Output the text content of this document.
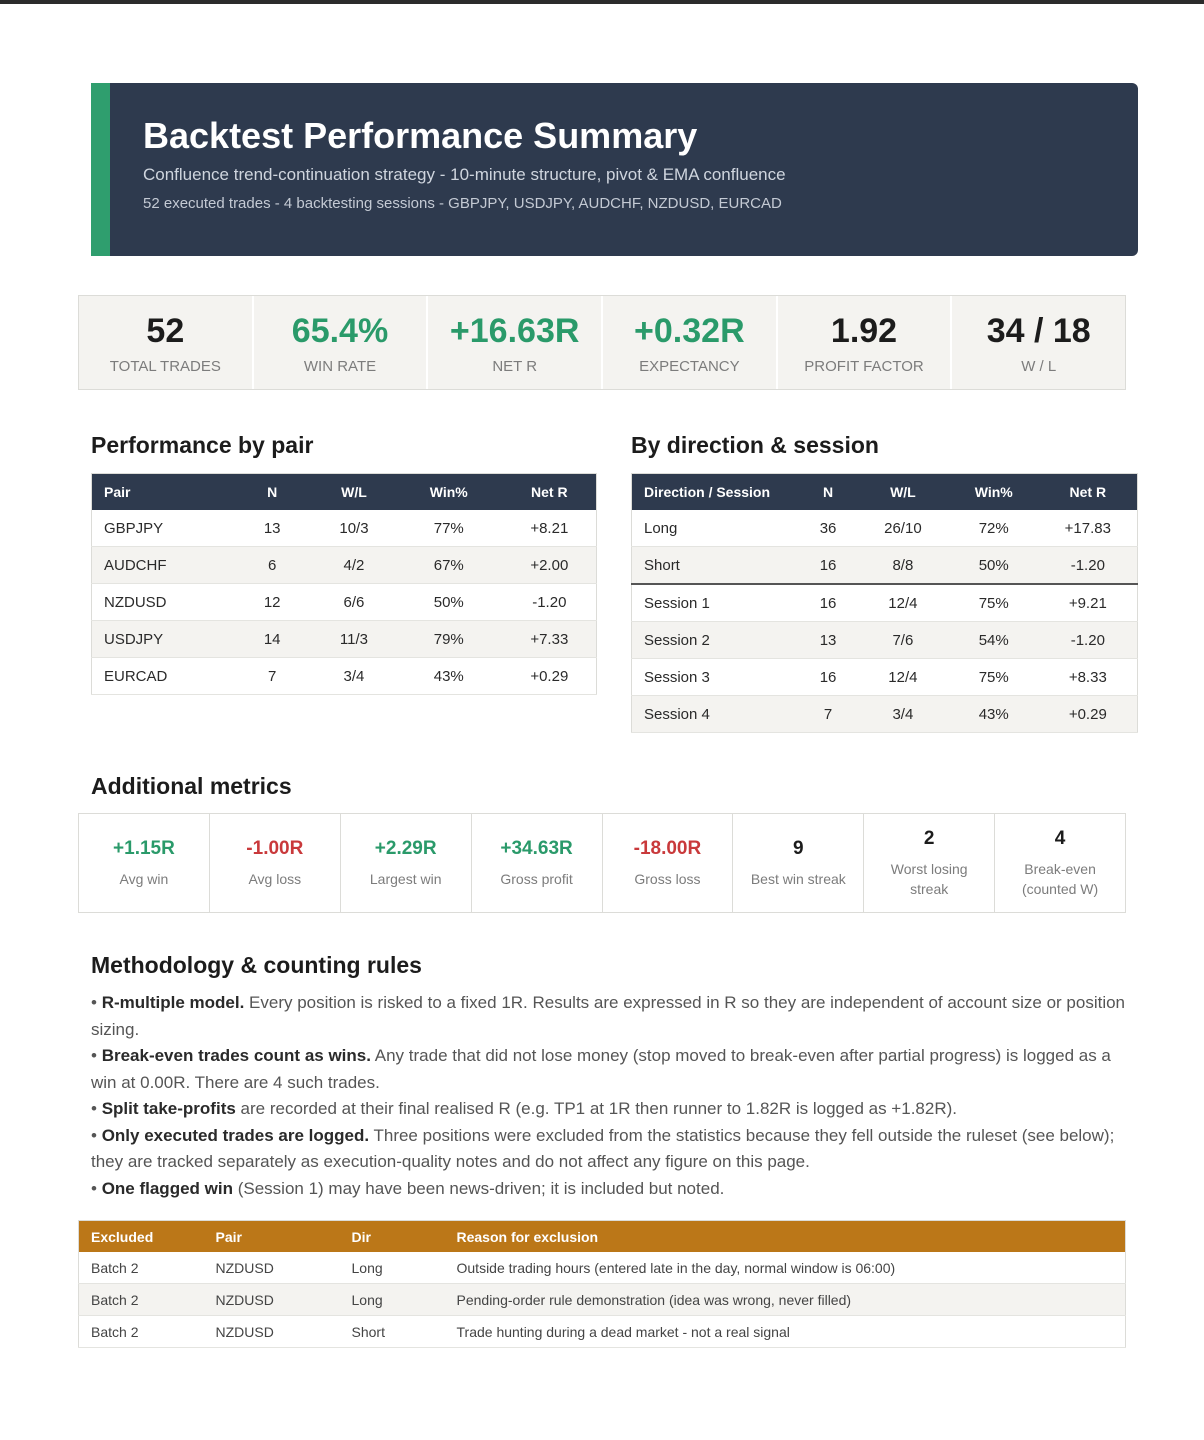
Backtest Performance Summary
Confluence trend-continuation strategy - 10-minute structure, pivot & EMA confluence
52 executed trades - 4 backtesting sessions - GBPJPY, USDJPY, AUDCHF, NZDUSD, EURCAD
52
TOTAL TRADES
65.4%
WIN RATE
+16.63R
NET R
+0.32R
EXPECTANCY
1.92
PROFIT FACTOR
34 / 18
W / L
Performance by pair
Pair	N	W/L	Win%	Net R
GBPJPY	13	10/3	77%	+8.21
AUDCHF	6	4/2	67%	+2.00
NZDUSD	12	6/6	50%	-1.20
USDJPY	14	11/3	79%	+7.33
EURCAD	7	3/4	43%	+0.29
By direction & session
Direction / Session	N	W/L	Win%	Net R
Long	36	26/10	72%	+17.83
Short	16	8/8	50%	-1.20
Session 1	16	12/4	75%	+9.21
Session 2	13	7/6	54%	-1.20
Session 3	16	12/4	75%	+8.33
Session 4	7	3/4	43%	+0.29
Additional metrics
+1.15R
Avg win
-1.00R
Avg loss
+2.29R
Largest win
+34.63R
Gross profit
-18.00R
Gross loss
9
Best win streak
2
Worst losing streak
4
Break-even (counted W)
Methodology & counting rules

• R-multiple model. Every position is risked to a fixed 1R. Results are expressed in R so they are independent of account size or position sizing.

• Break-even trades count as wins. Any trade that did not lose money (stop moved to break-even after partial progress) is logged as a win at 0.00R. There are 4 such trades.

• Split take-profits are recorded at their final realised R (e.g. TP1 at 1R then runner to 1.82R is logged as +1.82R).

• Only executed trades are logged. Three positions were excluded from the statistics because they fell outside the ruleset (see below); they are tracked separately as execution-quality notes and do not affect any figure on this page.

• One flagged win (Session 1) may have been news-driven; it is included but noted.

Excluded	Pair	Dir	Reason for exclusion
Batch 2	NZDUSD	Long	Outside trading hours (entered late in the day, normal window is 06:00)
Batch 2	NZDUSD	Long	Pending-order rule demonstration (idea was wrong, never filled)
Batch 2	NZDUSD	Short	Trade hunting during a dead market - not a real signal
